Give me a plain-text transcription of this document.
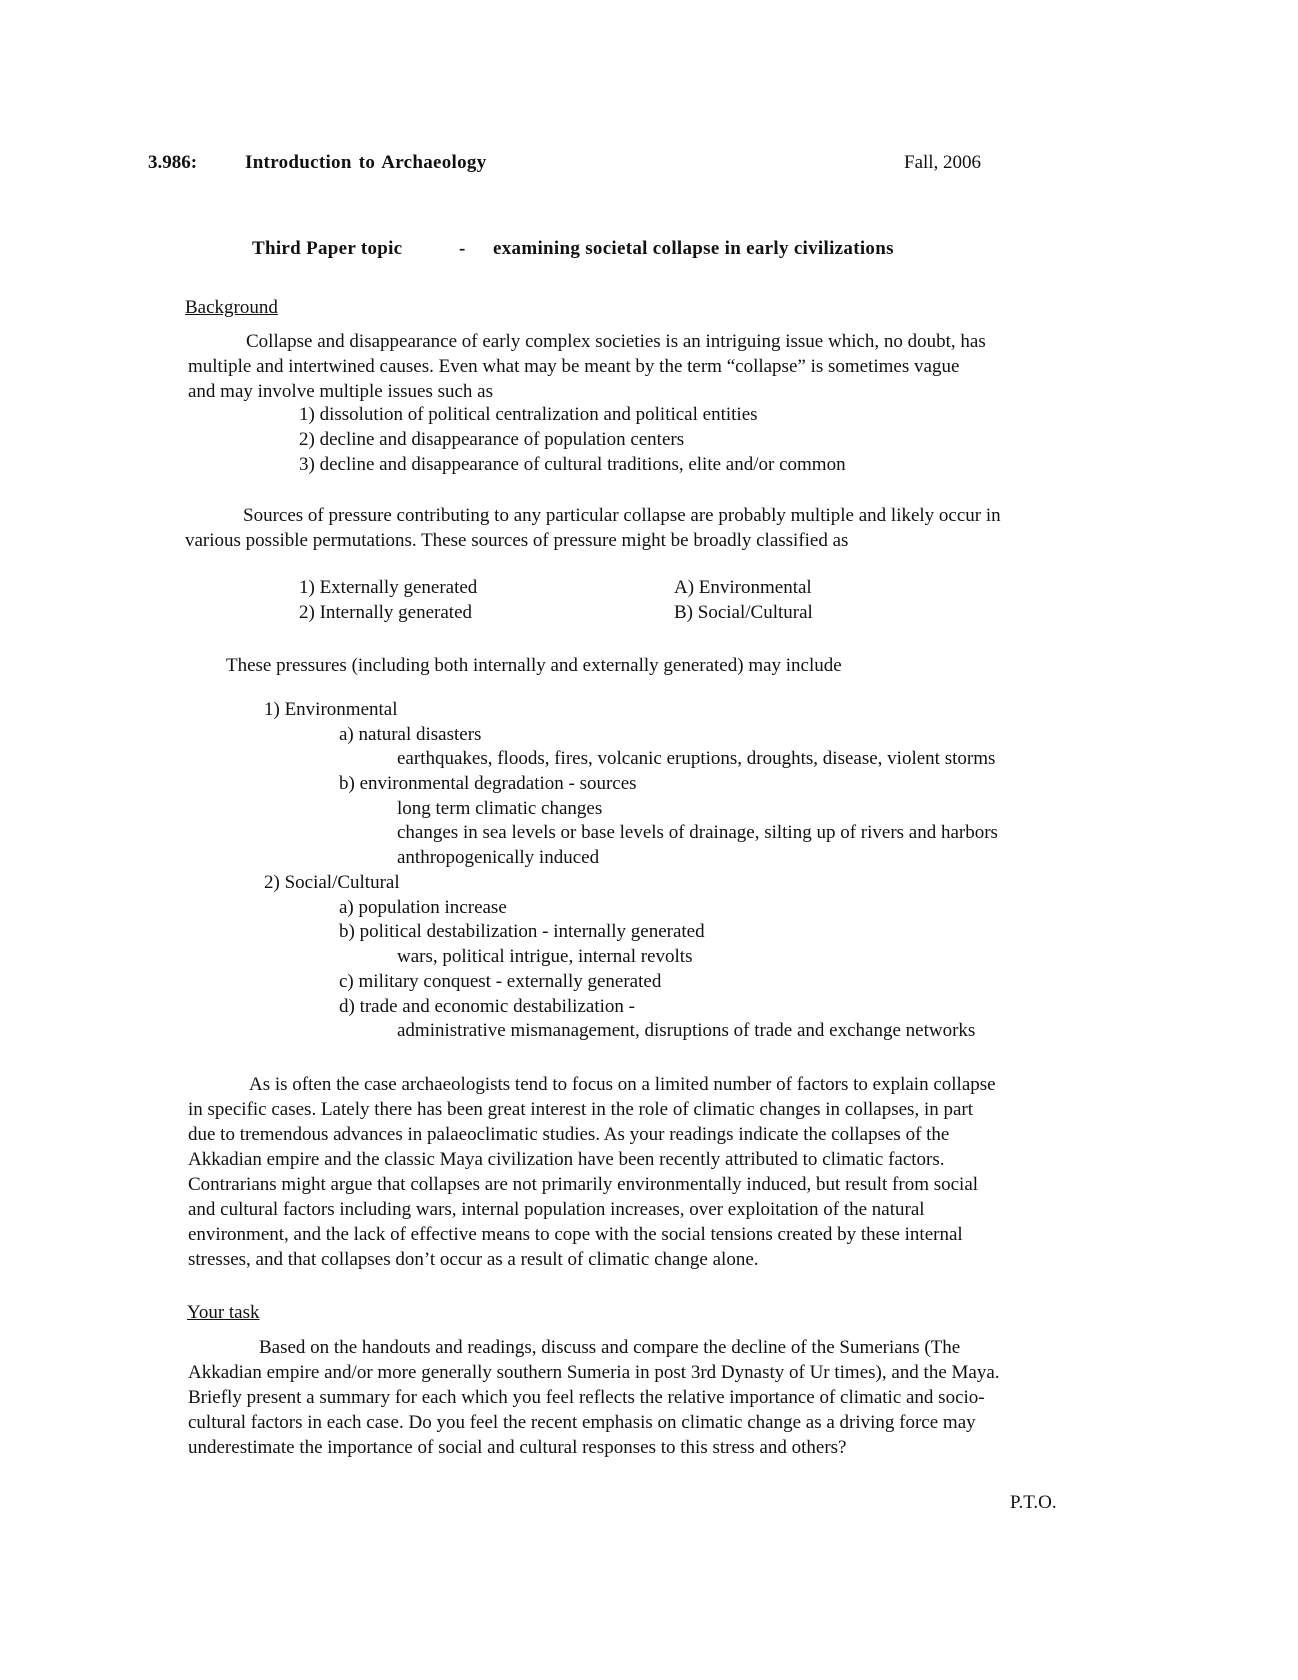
3.986:	Introduction to Archaeology	Fall, 2006
Third Paper topic	- examining societal collapse in early civilizations
Background
Collapse and disappearance of early complex societies is an intriguing issue which, no doubt, has
multiple and intertwined causes. Even what may be meant by the term “collapse” is sometimes vague
and may involve multiple issues such as
1) dissolution of political centralization and political entities
2) decline and disappearance of population centers
3) decline and disappearance of cultural traditions, elite and/or common
Sources of pressure contributing to any particular collapse are probably multiple and likely occur in
various possible permutations. These sources of pressure might be broadly classified as
1) Externally generated
2) Internally generated
A) Environmental
B) Social/Cultural
These pressures (including both internally and externally generated) may include
1) Environmental
a) natural disasters
earthquakes, floods, fires, volcanic eruptions, droughts, disease, violent storms
b) environmental degradation - sources
long term climatic changes
changes in sea levels or base levels of drainage, silting up of rivers and harbors
anthropogenically induced
2) Social/Cultural
a) population increase
b) political destabilization - internally generated
wars, political intrigue, internal revolts
c) military conquest - externally generated
d) trade and economic destabilization -
administrative mismanagement, disruptions of trade and exchange networks
As is often the case archaeologists tend to focus on a limited number of factors to explain collapse
in specific cases. Lately there has been great interest in the role of climatic changes in collapses, in part
due to tremendous advances in palaeoclimatic studies. As your readings indicate the collapses of the
Akkadian empire and the classic Maya civilization have been recently attributed to climatic factors.
Contrarians might argue that collapses are not primarily environmentally induced, but result from social
and cultural factors including wars, internal population increases, over exploitation of the natural
environment, and the lack of effective means to cope with the social tensions created by these internal
stresses, and that collapses don’t occur as a result of climatic change alone.
Your task
Based on the handouts and readings, discuss and compare the decline of the Sumerians (The
Akkadian empire and/or more generally southern Sumeria in post 3rd Dynasty of Ur times), and the Maya.
Briefly present a summary for each which you feel reflects the relative importance of climatic and socio-
cultural factors in each case. Do you feel the recent emphasis on climatic change as a driving force may
underestimate the importance of social and cultural responses to this stress and others?
P.T.O.
